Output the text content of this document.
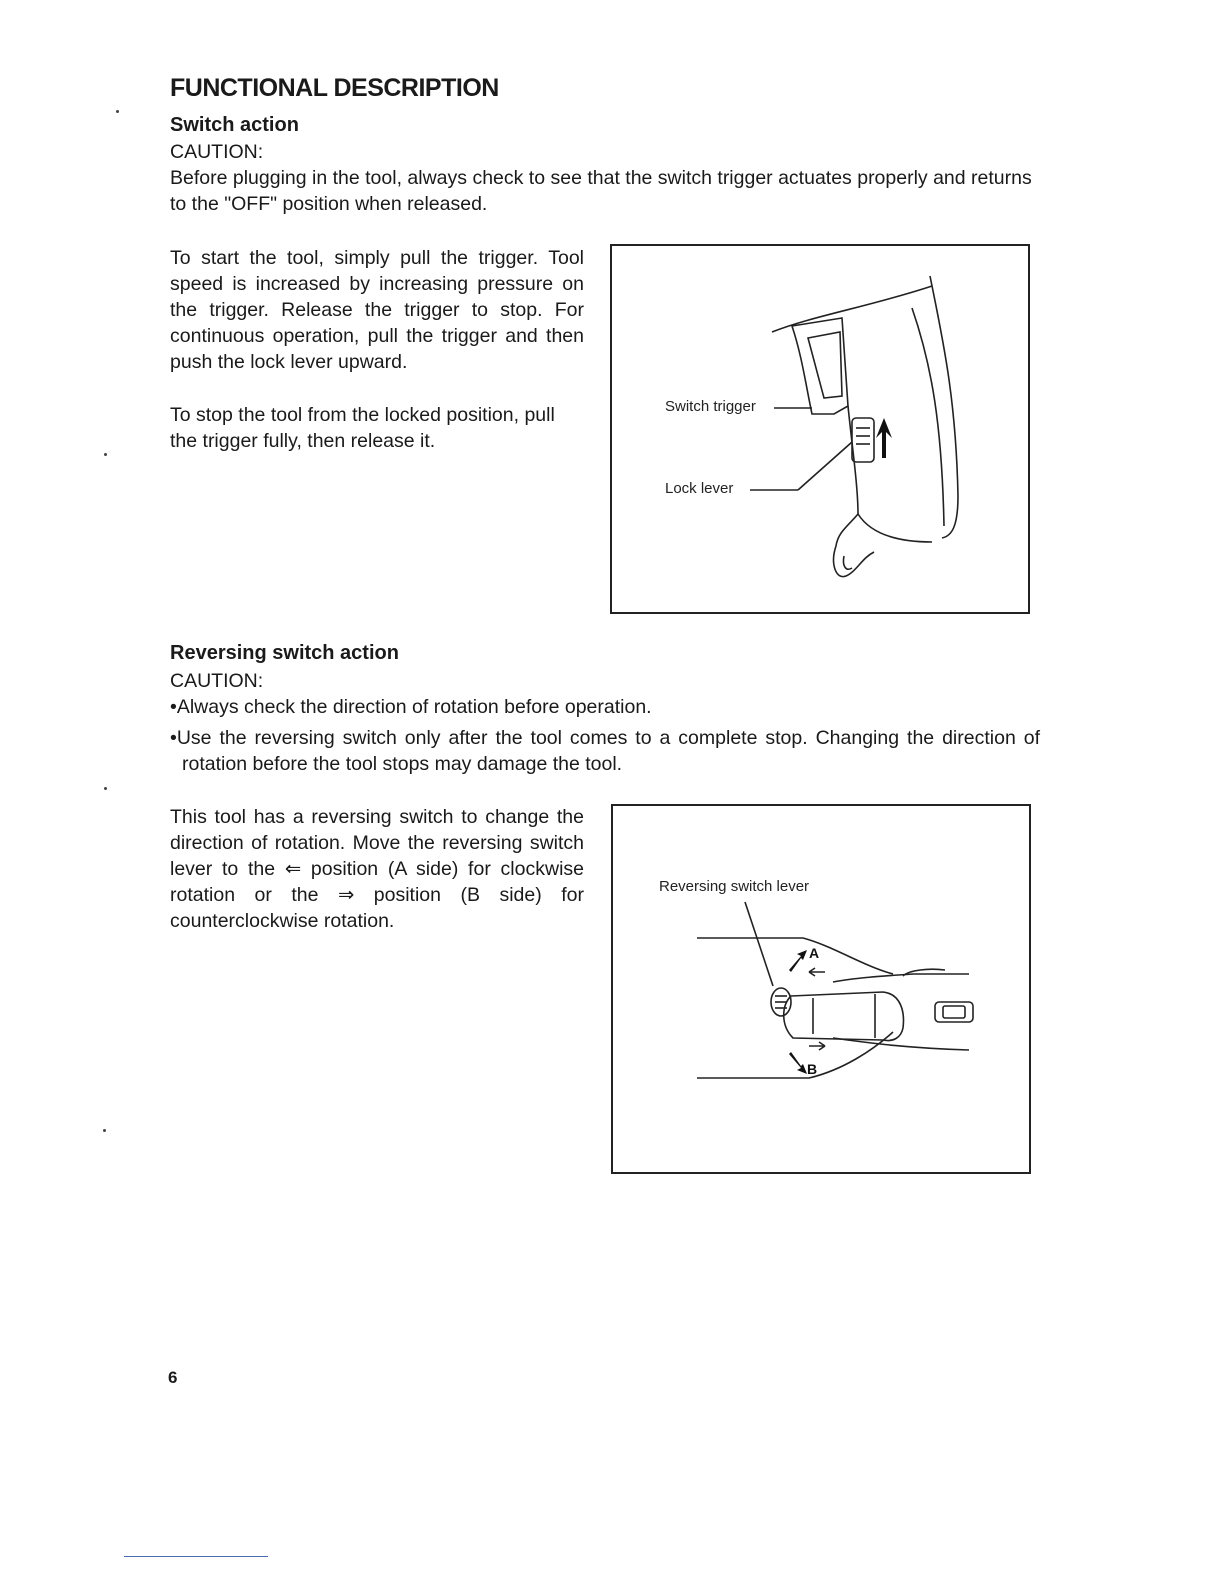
FUNCTIONAL DESCRIPTION
Switch action

CAUTION:

Before plugging in the tool, always check to see that the switch trigger actuates properly and returns to the "OFF" position when released.

To start the tool, simply pull the trigger. Tool speed is increased by increasing pressure on the trigger. Release the trigger to stop. For continuous operation, pull the trigger and then push the lock lever upward.

To stop the tool from the locked position, pull the trigger fully, then release it.

Switch trigger
Lock lever
Reversing switch action

CAUTION:

•Always check the direction of rotation before operation.

•Use the reversing switch only after the tool comes to a complete stop. Changing the direction of rotation before the tool stops may damage the tool.

This tool has a reversing switch to change the direction of rotation. Move the reversing switch lever to the ⇐ position (A side) for clockwise rotation or the ⇒ position (B side) for counterclockwise rotation.

A
B
Reversing switch lever
6
